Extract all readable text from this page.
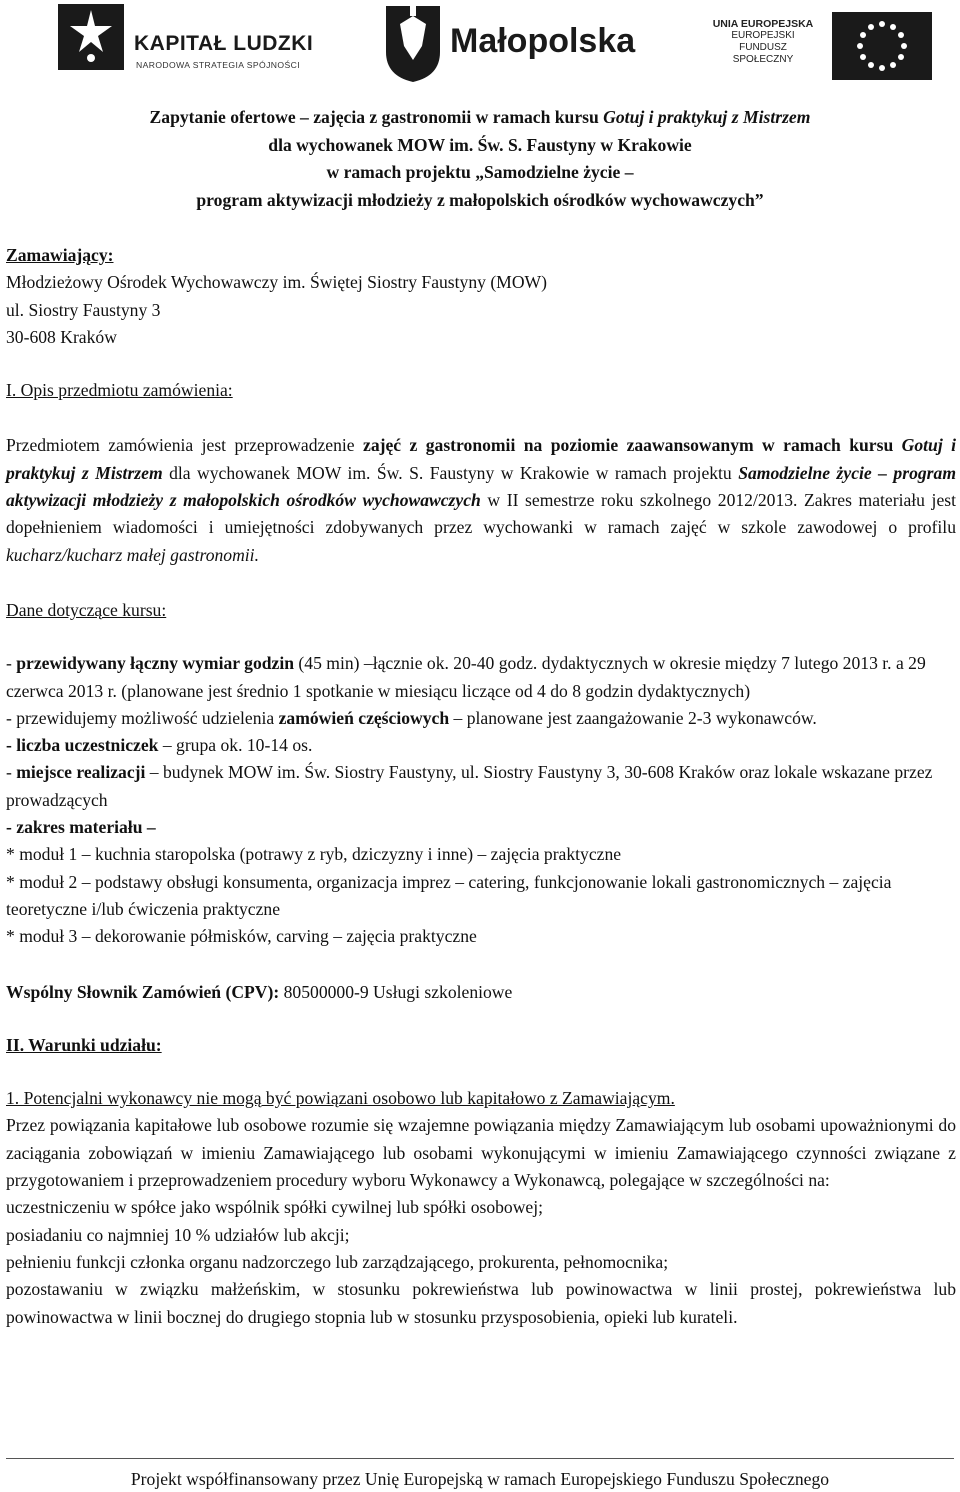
KAPITAŁ LUDZKI
NARODOWA STRATEGIA SPÓJNOŚCI
Małopolska	UNIA EUROPEJSKA
EUROPEJSKI
FUNDUSZ SPOŁECZNY
Zapytanie ofertowe – zajęcia z gastronomii w ramach kursu Gotuj i praktykuj z Mistrzem
dla wychowanek MOW im. Św. S. Faustyny w Krakowie
w ramach projektu „Samodzielne życie –
program aktywizacji młodzieży z małopolskich ośrodków wychowawczych”

Zamawiający:

Młodzieżowy Ośrodek Wychowawczy im. Świętej Siostry Faustyny (MOW)

ul. Siostry Faustyny 3

30-608 Kraków

I. Opis przedmiotu zamówienia:

Przedmiotem zamówienia jest przeprowadzenie zajęć z gastronomii na poziomie zaawansowanym w ramach kursu Gotuj i praktykuj z Mistrzem dla wychowanek MOW im. Św. S. Faustyny w Krakowie w ramach projektu Samodzielne życie – program aktywizacji młodzieży z małopolskich ośrodków wychowawczych w II semestrze roku szkolnego 2012/2013. Zakres materiału jest dopełnieniem wiadomości i umiejętności zdobywanych przez wychowanki w ramach zajęć w szkole zawodowej o profilu kucharz/kucharz małej gastronomii.

Dane dotyczące kursu:

- przewidywany łączny wymiar godzin (45 min) –łącznie ok. 20-40 godz. dydaktycznych w okresie między 7 lutego 2013 r. a 29 czerwca 2013 r. (planowane jest średnio 1 spotkanie w miesiącu liczące od 4 do 8 godzin dydaktycznych)

- przewidujemy możliwość udzielenia zamówień częściowych – planowane jest zaangażowanie 2-3 wykonawców.

- liczba uczestniczek – grupa ok. 10-14 os.

- miejsce realizacji – budynek MOW im. Św. Siostry Faustyny, ul. Siostry Faustyny 3, 30-608 Kraków oraz lokale wskazane przez prowadzących

- zakres materiału –

* moduł 1 – kuchnia staropolska (potrawy z ryb, dziczyzny i inne) – zajęcia praktyczne

* moduł 2 – podstawy obsługi konsumenta, organizacja imprez – catering, funkcjonowanie lokali gastronomicznych – zajęcia teoretyczne i/lub ćwiczenia praktyczne

* moduł 3 – dekorowanie półmisków, carving – zajęcia praktyczne

Wspólny Słownik Zamówień (CPV): 80500000-9 Usługi szkoleniowe

II. Warunki udziału:

1. Potencjalni wykonawcy nie mogą być powiązani osobowo lub kapitałowo z Zamawiającym.

Przez powiązania kapitałowe lub osobowe rozumie się wzajemne powiązania między Zamawiającym lub osobami upoważnionymi do zaciągania zobowiązań w imieniu Zamawiającego lub osobami wykonującymi w imieniu Zamawiającego czynności związane z przygotowaniem i przeprowadzeniem procedury wyboru Wykonawcy a Wykonawcą, polegające w szczególności na:

uczestniczeniu w spółce jako wspólnik spółki cywilnej lub spółki osobowej;

posiadaniu co najmniej 10 % udziałów lub akcji;

pełnieniu funkcji członka organu nadzorczego lub zarządzającego, prokurenta, pełnomocnika;

pozostawaniu w związku małżeńskim, w stosunku pokrewieństwa lub powinowactwa w linii prostej, pokrewieństwa lub powinowactwa w linii bocznej do drugiego stopnia lub w stosunku przysposobienia, opieki lub kurateli.

Projekt współfinansowany przez Unię Europejską w ramach Europejskiego Funduszu Społecznego
